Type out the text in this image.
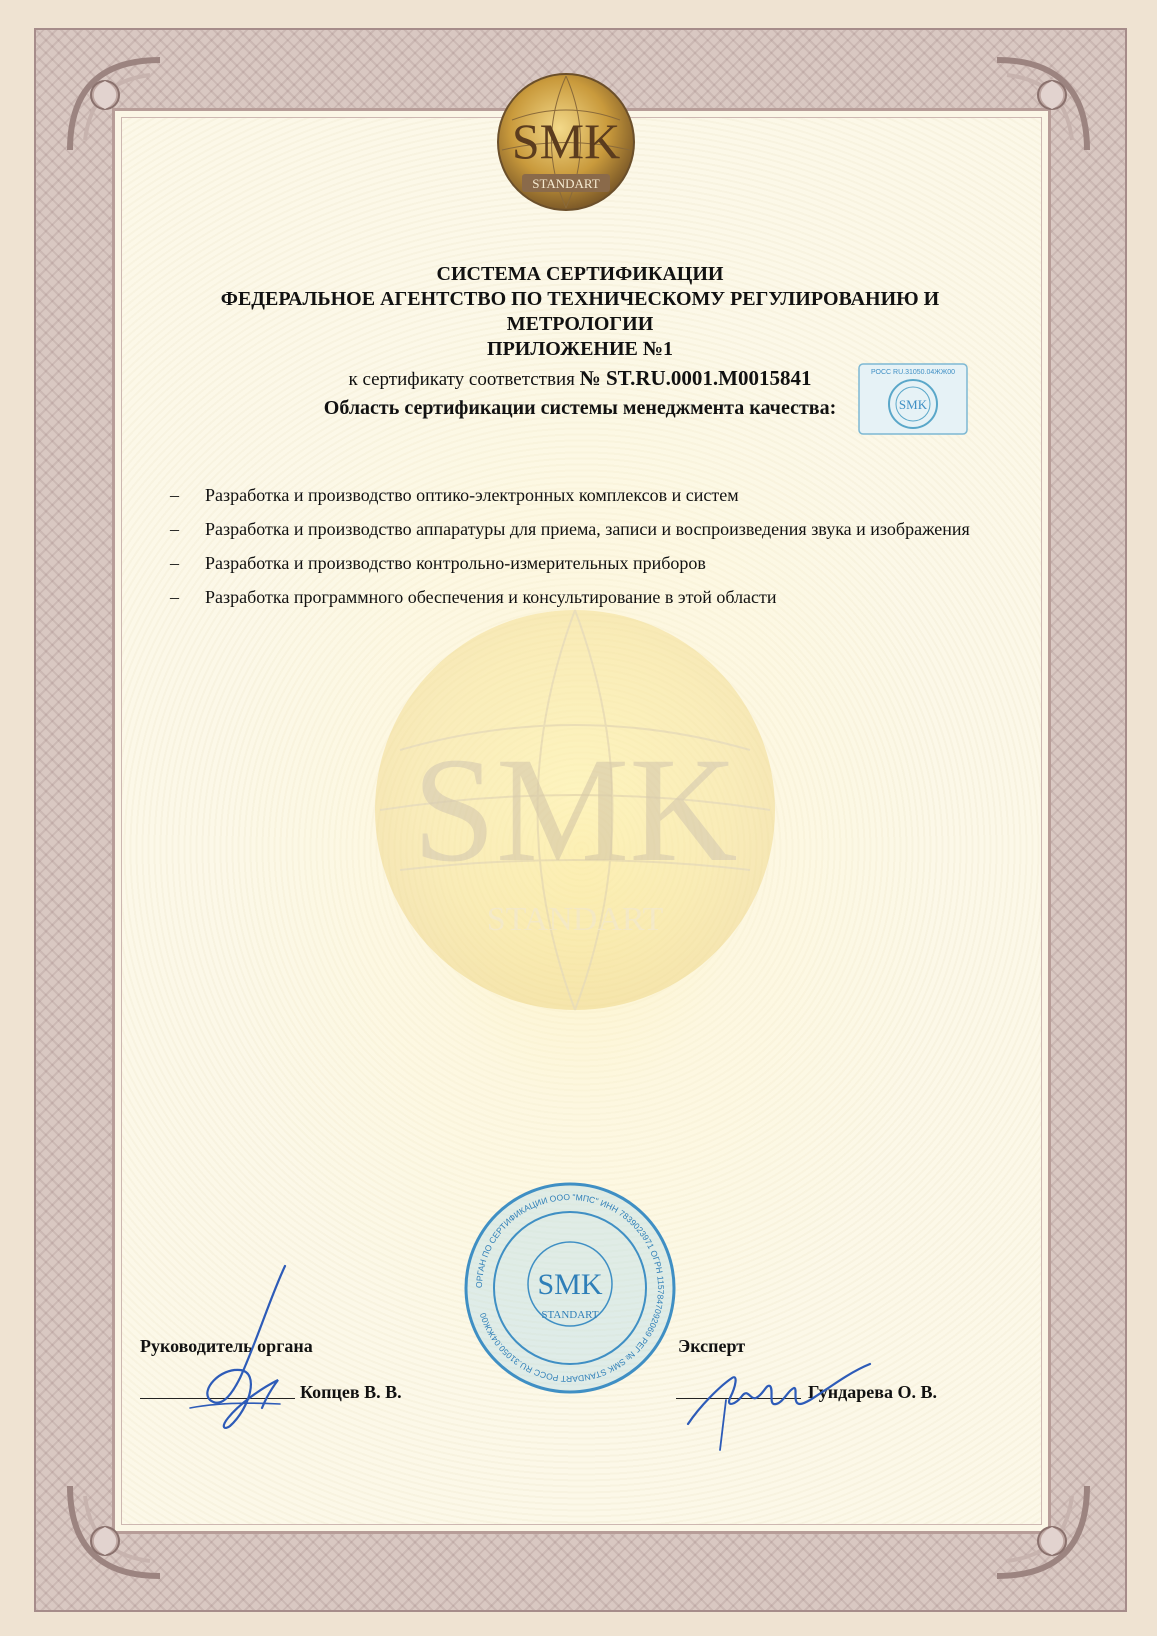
SMK
STANDART
SMK
STANDART
СИСТЕМА СЕРТИФИКАЦИИ
ФЕДЕРАЛЬНОЕ АГЕНТСТВО ПО ТЕХНИЧЕСКОМУ РЕГУЛИРОВАНИЮ И
МЕТРОЛОГИИ
ПРИЛОЖЕНИЕ №1
к сертификату соответствия № ST.RU.0001.M0015841
Область сертификации системы менеджмента качества:
РОСС RU.31050.04ЖЖ00
SMK
–	Разработка и производство оптико-электронных комплексов и систем
–	Разработка и производство аппаратуры для приема, записи и воспроизведения звука и изображения
–	Разработка и производство контрольно-измерительных приборов
–	Разработка программного обеспечения и консультирование в этой области
ОРГАН ПО СЕРТИФИКАЦИИ ООО "МПС" ИНН 7839023971 ОГРН 1157847092069 РЕГ № SMK STANDART РОСС RU.31050.04ЖЖ00
SMK
STANDART
Руководитель органа
Копцев В. В.
Эксперт
Гундарева О. В.
